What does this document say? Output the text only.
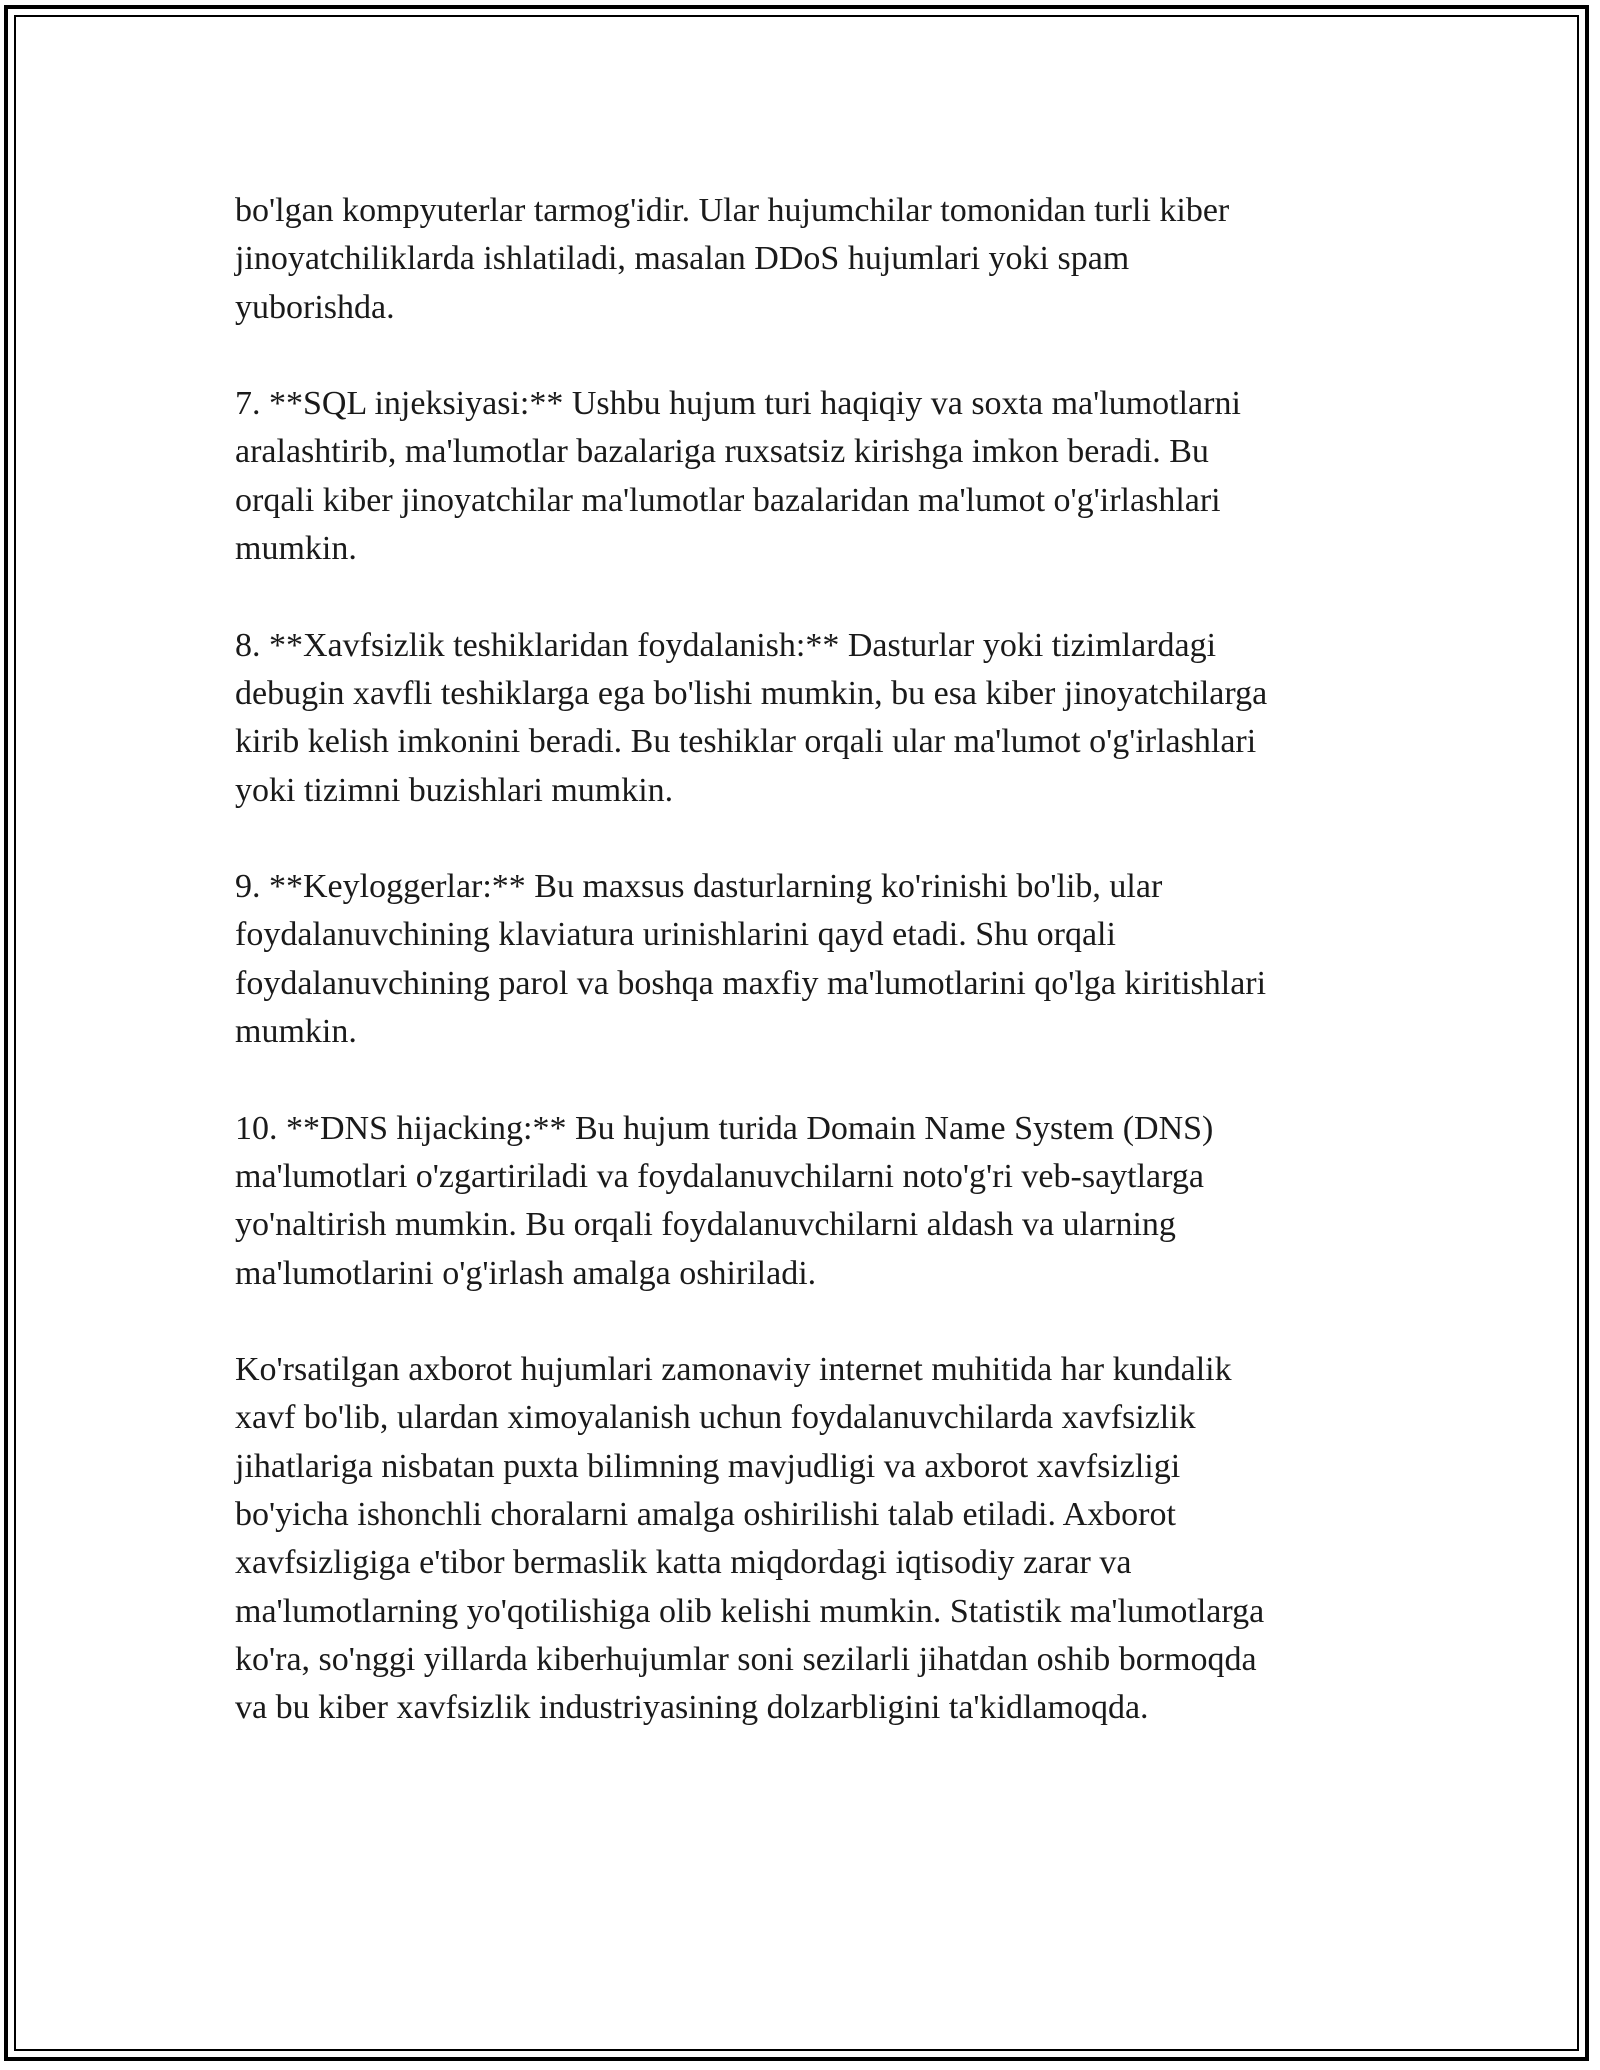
bo'lgan kompyuterlar tarmog'idir. Ular hujumchilar tomonidan turli kiber
jinoyatchiliklarda ishlatiladi, masalan DDoS hujumlari yoki spam
yuborishda.

7. **SQL injeksiyasi:** Ushbu hujum turi haqiqiy va soxta ma'lumotlarni
aralashtirib, ma'lumotlar bazalariga ruxsatsiz kirishga imkon beradi. Bu
orqali kiber jinoyatchilar ma'lumotlar bazalaridan ma'lumot o'g'irlashlari
mumkin.

8. **Xavfsizlik teshiklaridan foydalanish:** Dasturlar yoki tizimlardagi
debugin xavfli teshiklarga ega bo'lishi mumkin, bu esa kiber jinoyatchilarga
kirib kelish imkonini beradi. Bu teshiklar orqali ular ma'lumot o'g'irlashlari
yoki tizimni buzishlari mumkin.

9. **Keyloggerlar:** Bu maxsus dasturlarning ko'rinishi bo'lib, ular
foydalanuvchining klaviatura urinishlarini qayd etadi. Shu orqali
foydalanuvchining parol va boshqa maxfiy ma'lumotlarini qo'lga kiritishlari
mumkin.

10. **DNS hijacking:** Bu hujum turida Domain Name System (DNS)
ma'lumotlari o'zgartiriladi va foydalanuvchilarni noto'g'ri veb-saytlarga
yo'naltirish mumkin. Bu orqali foydalanuvchilarni aldash va ularning
ma'lumotlarini o'g'irlash amalga oshiriladi.

Ko'rsatilgan axborot hujumlari zamonaviy internet muhitida har kundalik
xavf bo'lib, ulardan ximoyalanish uchun foydalanuvchilarda xavfsizlik
jihatlariga nisbatan puxta bilimning mavjudligi va axborot xavfsizligi
bo'yicha ishonchli choralarni amalga oshirilishi talab etiladi. Axborot
xavfsizligiga e'tibor bermaslik katta miqdordagi iqtisodiy zarar va
ma'lumotlarning yo'qotilishiga olib kelishi mumkin. Statistik ma'lumotlarga
ko'ra, so'nggi yillarda kiberhujumlar soni sezilarli jihatdan oshib bormoqda
va bu kiber xavfsizlik industriyasining dolzarbligini ta'kidlamoqda.
